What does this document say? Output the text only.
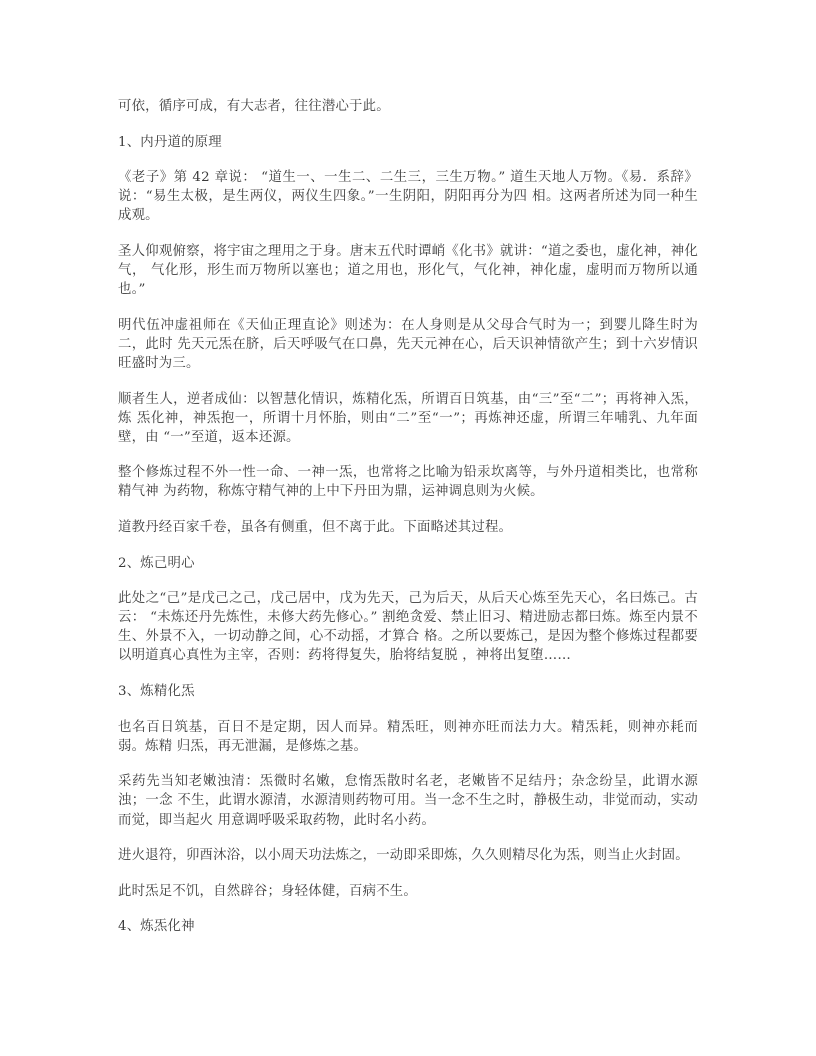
可依，循序可成，有大志者，往往潜心于此。

1、内丹道的原理

《老子》第 42 章说： “道生一、一生二、二生三，三生万物。” 道生天地人万物。《易．系辞》说：“易生太极，是生两仪，两仪生四象。”一生阴阳，阴阳再分为四 相。这两者所述为同一种生成观。

圣人仰观俯察，将宇宙之理用之于身。唐末五代时谭峭《化书》就讲：“道之委也，虚化神，神化气， 气化形，形生而万物所以塞也；道之用也，形化气，气化神，神化虚，虚明而万物所以通也。”

明代伍冲虚祖师在《天仙正理直论》则述为：在人身则是从父母合气时为一；到婴儿降生时为二，此时 先天元炁在脐，后天呼吸气在口鼻，先天元神在心，后天识神情欲产生；到十六岁情识旺盛时为三。

顺者生人，逆者成仙：以智慧化情识，炼精化炁，所谓百日筑基，由“三”至“二”；再将神入炁，炼 炁化神，神炁抱一，所谓十月怀胎，则由“二”至“一”；再炼神还虚，所谓三年哺乳、九年面壁，由 “一”至道，返本还源。

整个修炼过程不外一性一命、一神一炁，也常将之比喻为铅汞坎离等，与外丹道相类比，也常称精气神 为药物，称炼守精气神的上中下丹田为鼎，运神调息则为火候。

道教丹经百家千卷，虽各有侧重，但不离于此。下面略述其过程。

2、炼己明心

此处之“己”是戊己之己，戊己居中，戊为先天，己为后天，从后天心炼至先天心，名曰炼己。古云： “未炼还丹先炼性，未修大药先修心。” 割绝贪爱、禁止旧习、精进励志都曰炼。炼至内景不生、外景不入，一切动静之间，心不动摇，才算合 格。之所以要炼己，是因为整个修炼过程都要以明道真心真性为主宰，否则：药将得复失，胎将结复脱 ，神将出复堕……

3、炼精化炁

也名百日筑基，百日不是定期，因人而异。精炁旺，则神亦旺而法力大。精炁耗，则神亦耗而弱。炼精 归炁，再无泄漏，是修炼之基。

采药先当知老嫩浊清：炁微时名嫩，怠惰炁散时名老，老嫩皆不足结丹；杂念纷呈，此谓水源浊；一念 不生，此谓水源清，水源清则药物可用。当一念不生之时，静极生动，非觉而动，实动而觉，即当起火 用意调呼吸采取药物，此时名小药。

进火退符，卯酉沐浴，以小周天功法炼之，一动即采即炼，久久则精尽化为炁，则当止火封固。

此时炁足不饥，自然辟谷；身轻体健，百病不生。

4、炼炁化神
